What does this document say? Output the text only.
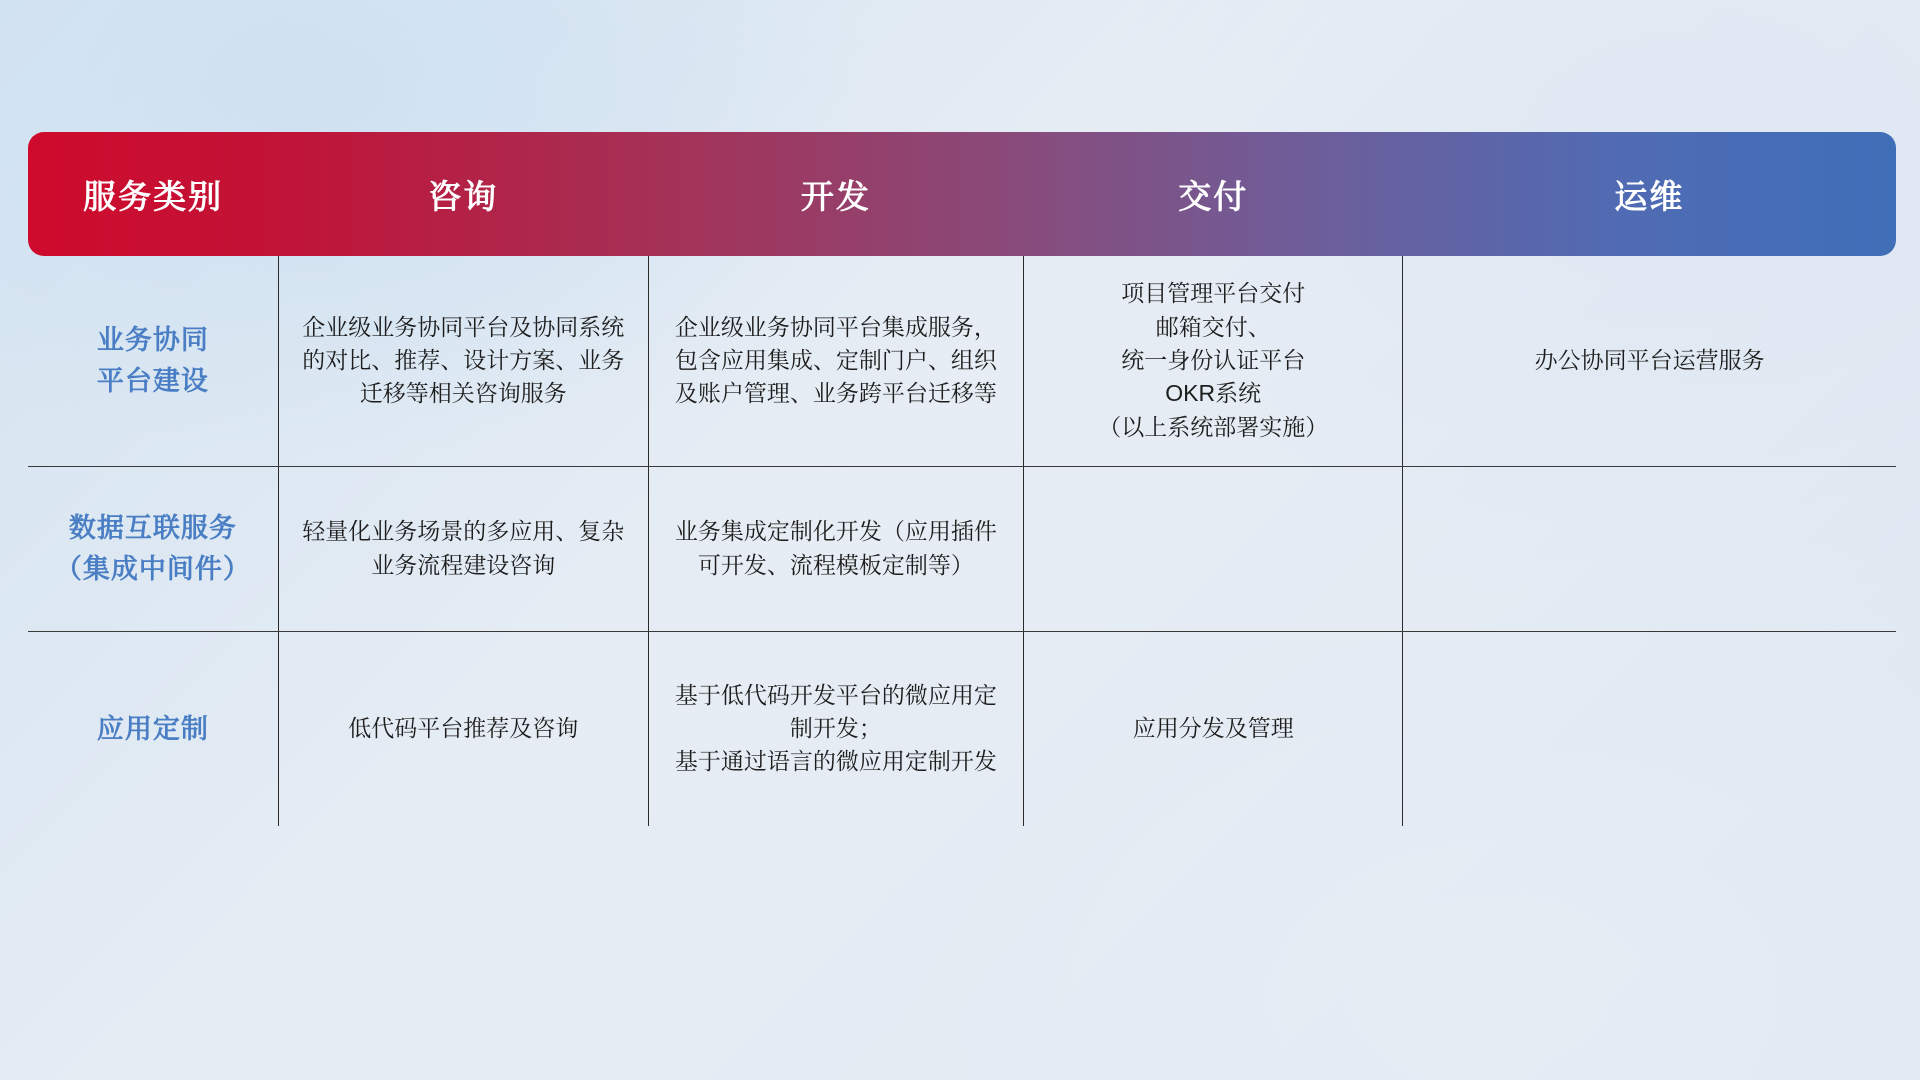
服务类别	咨询	开发	交付	运维

业务协同
平台建设	企业级业务协同平台及协同系统的对比、推荐、设计方案、业务迁移等相关咨询服务	企业级业务协同平台集成服务，包含应用集成、定制门户、组织及账户管理、业务跨平台迁移等	项目管理平台交付
邮箱交付、
统一身份认证平台
OKR系统
（以上系统部署实施）	办公协同平台运营服务

数据互联服务
（集成中间件）	轻量化业务场景的多应用、复杂业务流程建设咨询	业务集成定制化开发（应用插件可开发、流程模板定制等）		

应用定制	低代码平台推荐及咨询	基于低代码开发平台的微应用定
制开发；
基于通过语言的微应用定制开发	应用分发及管理	
